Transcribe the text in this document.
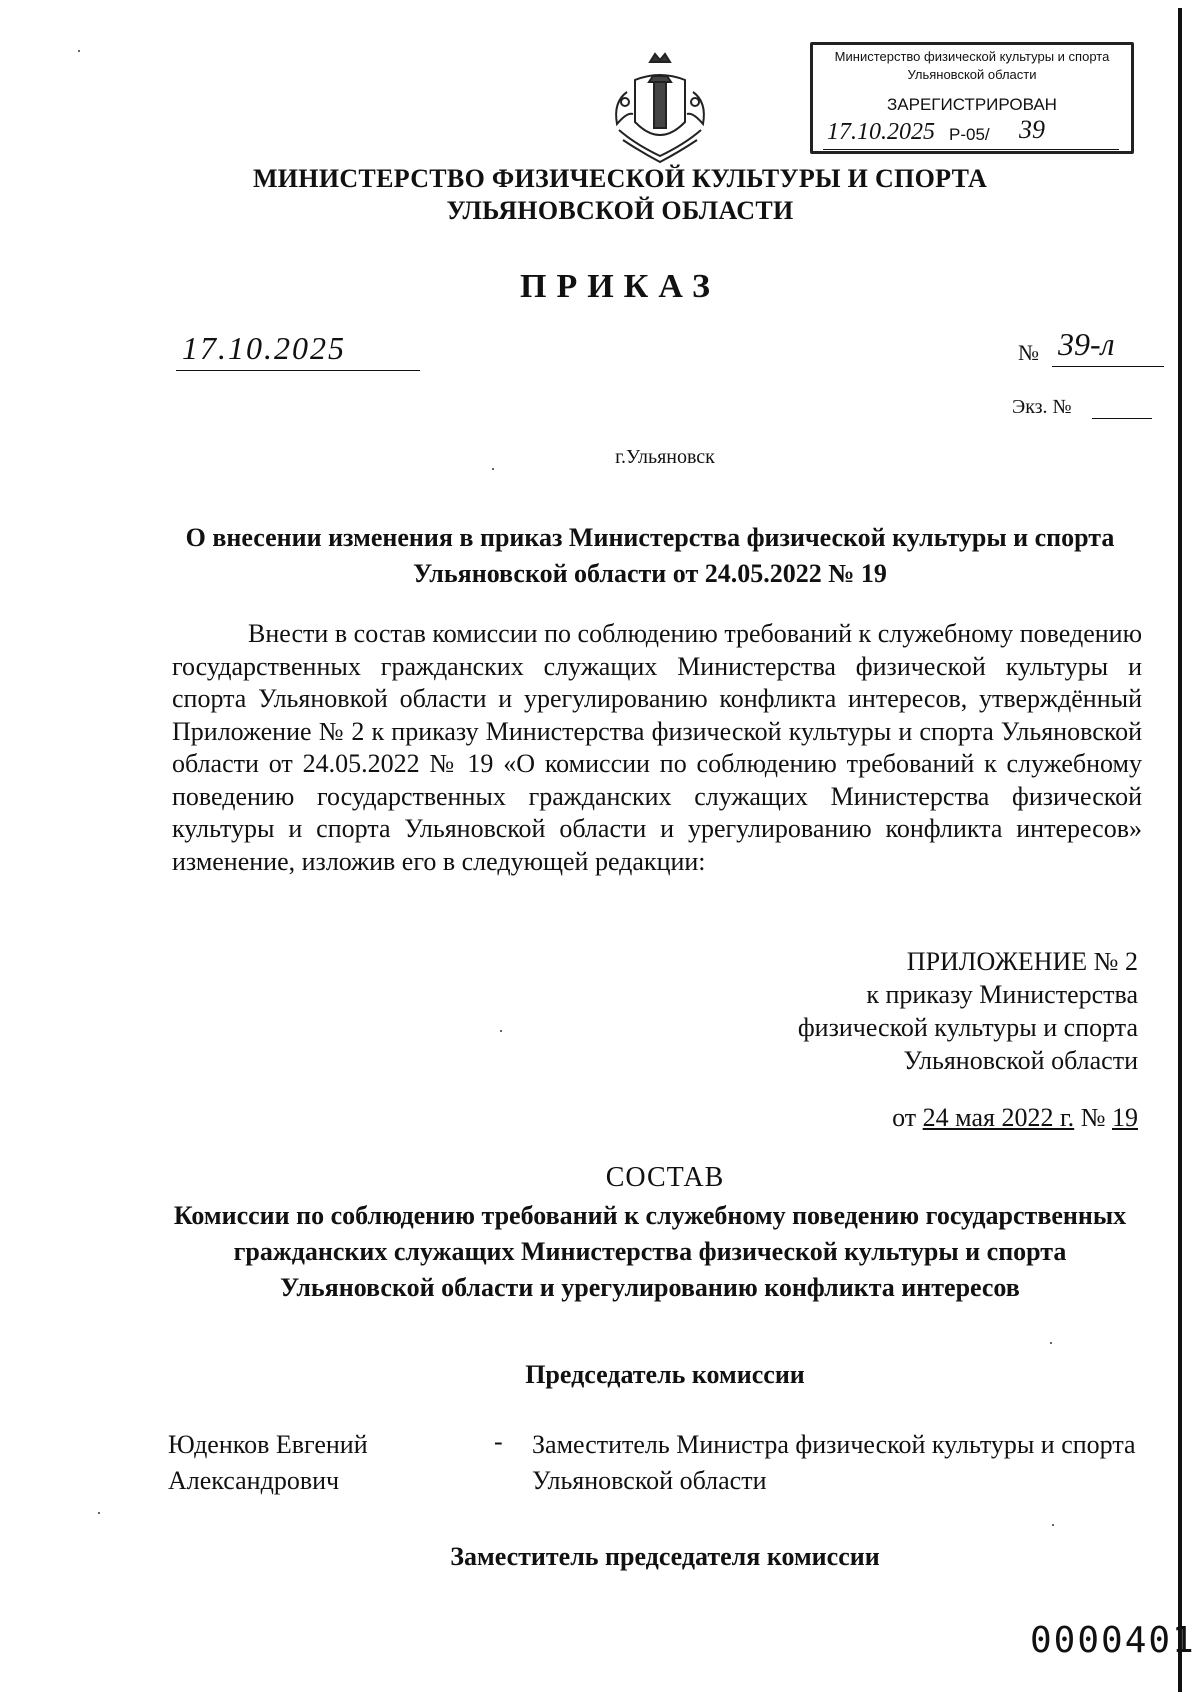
Министерство физической культуры и спорта
Ульяновской области
ЗАРЕГИСТРИРОВАН
17.10.2025 Р-05/ 39
МИНИСТЕРСТВО ФИЗИЧЕСКОЙ КУЛЬТУРЫ И СПОРТА
УЛЬЯНОВСКОЙ ОБЛАСТИ
ПРИКАЗ
17.10.2025	№ 39-л
Экз. №
г.Ульяновск
О внесении изменения в приказ Министерства физической культуры и спорта Ульяновской области от 24.05.2022 № 19
Внести в состав комиссии по соблюдению требований к служебному поведению государственных гражданских служащих Министерства физической культуры и спорта Ульяновкой области и урегулированию конфликта интересов, утверждённый Приложение № 2 к приказу Министерства физической культуры и спорта Ульяновской области от 24.05.2022 № 19 «О комиссии по соблюдению требований к служебному поведению государственных гражданских служащих Министерства физической культуры и спорта Ульяновской области и урегулированию конфликта интересов» изменение, изложив его в следующей редакции:
ПРИЛОЖЕНИЕ № 2
к приказу Министерства
физической культуры и спорта
Ульяновской области
от 24 мая 2022 г. № 19
СОСТАВ
Комиссии по соблюдению требований к служебному поведению государственных гражданских служащих Министерства физической культуры и спорта Ульяновской области и урегулированию конфликта интересов
Председатель комиссии
Юденков Евгений Александрович
- Заместитель Министра физической культуры и спорта Ульяновской области
Заместитель председателя комиссии
0000401
